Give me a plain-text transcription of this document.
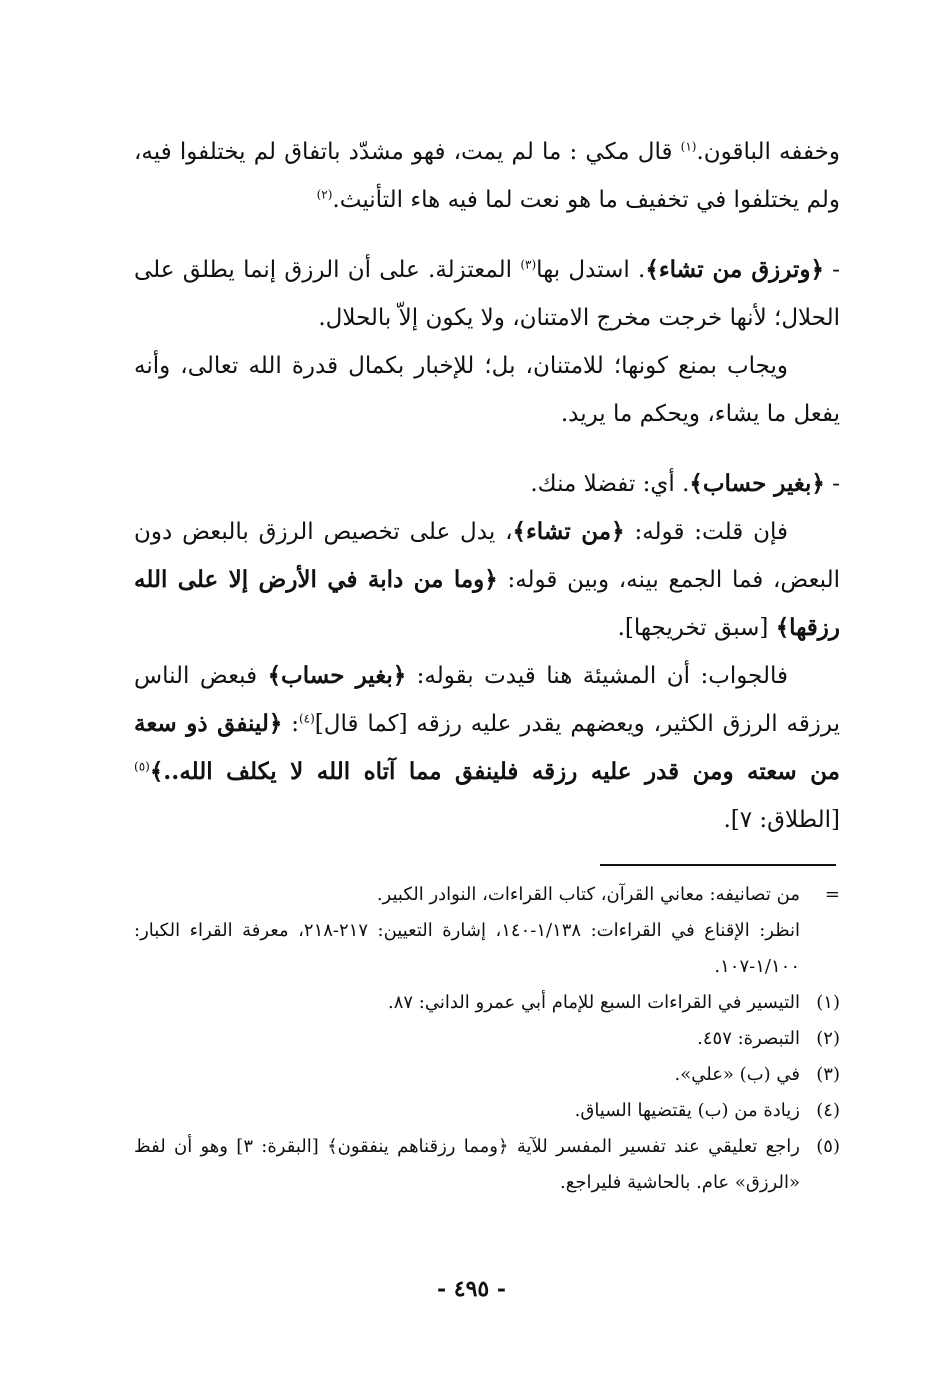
وخففه الباقون.$^{(١)}$ قال مكي : ما لم يمت، فهو مشدّد باتفاق لم يختلفوا فيه، ولم يختلفوا في تخفيف ما هو نعت لما فيه هاء التأنيث.$^{(٢)}$

- ﴿وترزق من تشاء﴾. استدل بها$^{(٣)}$ المعتزلة. على أن الرزق إنما يطلق على الحلال؛ لأنها خرجت مخرج الامتنان، ولا يكون إلاّ بالحلال.

ويجاب بمنع كونها؛ للامتنان، بل؛ للإخبار بكمال قدرة الله تعالى، وأنه يفعل ما يشاء، ويحكم ما يريد.

- ﴿بغير حساب﴾. أي: تفضلا منك.

فإن قلت: قوله: ﴿من تشاء﴾، يدل على تخصيص الرزق بالبعض دون البعض، فما الجمع بينه، وبين قوله: ﴿وما من دابة في الأرض إلا على الله رزقها﴾ [سبق تخريجها].

فالجواب: أن المشيئة هنا قيدت بقوله: ﴿بغير حساب﴾ فبعض الناس يرزقه الرزق الكثير، ويعضهم يقدر عليه رزقه [كما قال]$^{(٤)}$: ﴿لينفق ذو سعة من سعته ومن قدر عليه رزقه فلينفق مما آتاه الله لا يكلف الله..﴾$^{(٥)}$ [الطلاق: ٧].

=
من تصانيفه: معاني القرآن، كتاب القراءات، النوادر الكبير.
انظر: الإقناع في القراءات: ١/١٣٨-١٤٠، إشارة التعيين: ٢١٧-٢١٨، معرفة القراء الكبار: ١/١٠٠-١٠٧.
(١)
التيسير في القراءات السبع للإمام أبي عمرو الداني: ٨٧.
(٢)
التبصرة: ٤٥٧.
(٣)
في (ب) «علي».
(٤)
زيادة من (ب) يقتضيها السياق.
(٥)
راجع تعليقي عند تفسير المفسر للآية ﴿ومما رزقناهم ينفقون﴾ [البقرة: ٣] وهو أن لفظ «الرزق» عام. بالحاشية فليراجع.
- ٤٩٥ -
